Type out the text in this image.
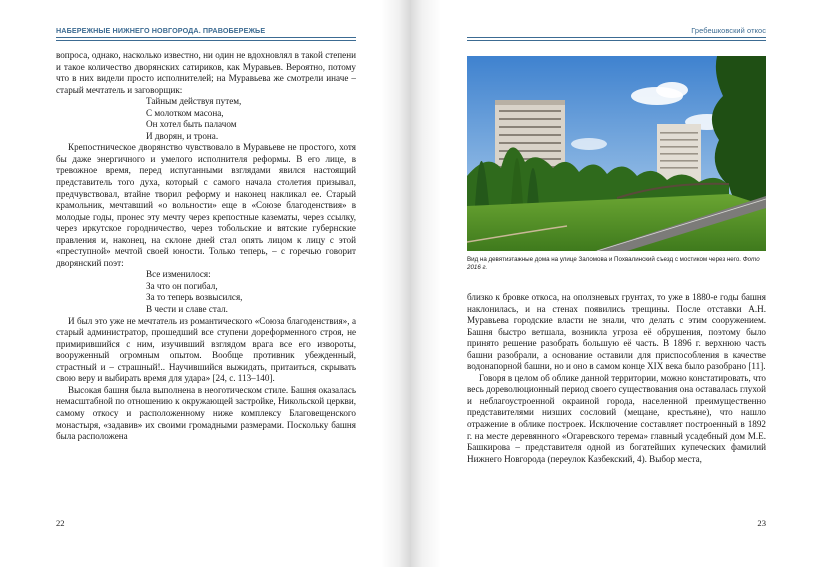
НАБЕРЕЖНЫЕ НИЖНЕГО НОВГОРОДА. ПРАВОБЕРЕЖЬЕ

вопроса, однако, насколько известно, ни один не вдохновлял в такой степени и такое количество дворянских сатириков, как Муравьев. Вероятно, потому что в них видели просто исполнителей; на Муравьева же смотрели иначе – старый мечтатель и заговорщик:

Тайным действуя путем,
С молотком масона,
Он хотел быть палачом
И дворян, и трона.

Крепостническое дворянство чувствовало в Муравьеве не простого, хотя бы даже энергичного и умелого исполнителя реформы. В его лице, в тревожное время, перед испуганными взглядами явился настоящий представитель того духа, который с самого начала столетия призывал, предчувствовал, втайне творил реформу и наконец накликал ее. Старый крамольник, мечтавший «о вольности» еще в «Союзе благоденствия» в молодые годы, пронес эту мечту через крепостные казематы, через ссылку, через иркутское городничество, через тобольские и вятские губернские правления и, наконец, на склоне дней стал опять лицом к лицу с этой «преступной» мечтой своей юности. Только теперь, – с горечью говорит дворянский поэт:

Все изменилося:
За что он погибал,
За то теперь возвысился,
В чести и славе стал.

И был это уже не мечтатель из романтического «Союза благоденствия», а старый администратор, прошедший все ступени дореформенного строя, не примирившийся с ним, изучивший взглядом врага все его извороты, вооруженный огромным опытом. Вообще противник убежденный, страстный и – страшный!.. Научившийся выжидать, притаиться, скрывать свою веру и выбирать время для удара» [24, с. 113–140].

Высокая башня была выполнена в неоготическом стиле. Башня оказалась немасштабной по отношению к окружающей застройке, Никольской церкви, самому откосу и расположенному ниже комплексу Благовещенского монастыря, «задавив» их своими громадными размерами. Поскольку башня была расположена

22
Гребешковский откос
Вид на девятиэтажные дома на улице Заломова и Похвалинский съезд с мостиком через него. Фото 2016 г.

близко к бровке откоса, на оползневых грунтах, то уже в 1880-е годы башня наклонилась, и на стенах появились трещины. После отставки А.Н. Муравьева городские власти не знали, что делать с этим сооружением. Башня быстро ветшала, возникла угроза её обрушения, поэтому было принято решение разобрать большую её часть. В 1896 г. верхнюю часть башни разобрали, а основание оставили для приспособления в качестве водонапорной башни, но и оно в самом конце XIX века было разобрано [11].

Говоря в целом об облике данной территории, можно констатировать, что весь дореволюционный период своего существования она оставалась глухой и неблагоустроенной окраиной города, населенной преимущественно представителями низших сословий (мещане, крестьяне), что нашло отражение в облике построек. Исключение составляет построенный в 1892 г. на месте деревянного «Огаревского терема» главный усадебный дом М.Е. Башкирова – представителя одной из богатейших купеческих фамилий Нижнего Новгорода (переулок Казбекский, 4). Выбор места,

23
